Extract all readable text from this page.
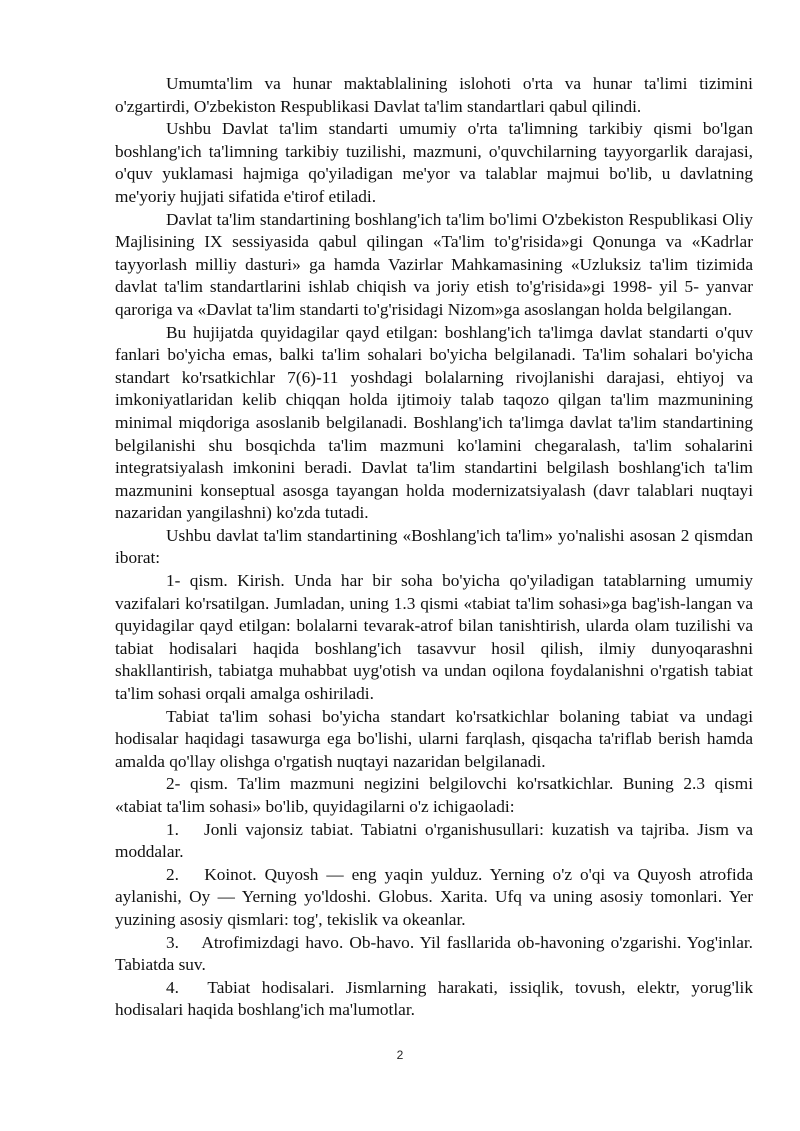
Umumta'lim va hunar maktablalining islohoti o'rta va hunar ta'limi tizimini o'zgartirdi, O'zbekiston Respublikasi Davlat ta'lim standartlari qabul qilindi.

Ushbu Davlat ta'lim standarti umumiy o'rta ta'limning tarkibiy qismi bo'lgan boshlang'ich ta'limning tarkibiy tuzilishi, mazmuni, o'quvchilarning tayyorgarlik darajasi, o'quv yuklamasi hajmiga qo'yiladigan me'yor va talablar majmui bo'lib, u davlatning me'yoriy hujjati sifatida e'tirof etiladi.

Davlat ta'lim standartining boshlang'ich ta'lim bo'limi O'zbekiston Respublikasi Oliy Majlisining IX sessiyasida qabul qilingan «Ta'lim to'g'risida»gi Qonunga va «Kadrlar tayyorlash milliy dasturi» ga hamda Vazirlar Mahkamasining «Uzluksiz ta'lim tizimida davlat ta'lim standartlarini ishlab chiqish va joriy etish to'g'risida»gi 1998- yil 5- yanvar qaroriga va «Davlat ta'lim standarti to'g'risidagi Nizom»ga asoslangan holda belgilangan.

Bu hujijatda quyidagilar qayd etilgan: boshlang'ich ta'limga davlat standarti o'quv fanlari bo'yicha emas, balki ta'lim sohalari bo'yicha belgilanadi. Ta'lim sohalari bo'yicha standart ko'rsatkichlar 7(6)-11 yoshdagi bolalarning rivojlanishi darajasi, ehtiyoj va imkoniyatlaridan kelib chiqqan holda ijtimoiy talab taqozo qilgan ta'lim mazmunining minimal miqdoriga asoslanib belgilanadi. Boshlang'ich ta'limga davlat ta'lim standartining belgilanishi shu bosqichda ta'lim mazmuni ko'lamini chegaralash, ta'lim sohalarini integratsiyalash imkonini beradi. Davlat ta'lim standartini belgilash boshlang'ich ta'lim mazmunini konseptual asosga tayangan holda modernizatsiyalash (davr talablari nuqtayi nazaridan yangilashni) ko'zda tutadi.

Ushbu davlat ta'lim standartining «Boshlang'ich ta'lim» yo'nalishi asosan 2 qismdan iborat:

1- qism. Kirish. Unda har bir soha bo'yicha qo'yiladigan tatablarning umumiy vazifalari ko'rsatilgan. Jumladan, uning 1.3 qismi «tabiat ta'lim sohasi»ga bag'ish-langan va quyidagilar qayd etilgan: bolalarni tevarak-atrof bilan tanishtirish, ularda olam tuzilishi va tabiat hodisalari haqida boshlang'ich tasavvur hosil qilish, ilmiy dunyoqarashni shakllantirish, tabiatga muhabbat uyg'otish va undan oqilona foydalanishni o'rgatish tabiat ta'lim sohasi orqali amalga oshiriladi.

Tabiat ta'lim sohasi bo'yicha standart ko'rsatkichlar bolaning tabiat va undagi hodisalar haqidagi tasawurga ega bo'lishi, ularni farqlash, qisqacha ta'riflab berish hamda amalda qo'llay olishga o'rgatish nuqtayi nazaridan belgilanadi.

2- qism. Ta'lim mazmuni negizini belgilovchi ko'rsatkichlar. Buning 2.3 qismi «tabiat ta'lim sohasi» bo'lib, quyidagilarni o'z ichigaoladi:

1.  Jonli vajonsiz tabiat. Tabiatni o'rganishusullari: kuzatish va tajriba. Jism va moddalar.

2.  Koinot. Quyosh — eng yaqin yulduz. Yerning o'z o'qi va Quyosh atrofida aylanishi, Oy — Yerning yo'ldoshi. Globus. Xarita. Ufq va uning asosiy tomonlari. Yer yuzining asosiy qismlari: tog', tekislik va okeanlar.

3.  Atrofimizdagi havo. Ob-havo. Yil fasllarida ob-havoning o'zgarishi. Yog'inlar. Tabiatda suv.

4.  Tabiat hodisalari. Jismlarning harakati, issiqlik, tovush, elektr, yorug'lik hodisalari haqida boshlang'ich ma'lumotlar.

2
